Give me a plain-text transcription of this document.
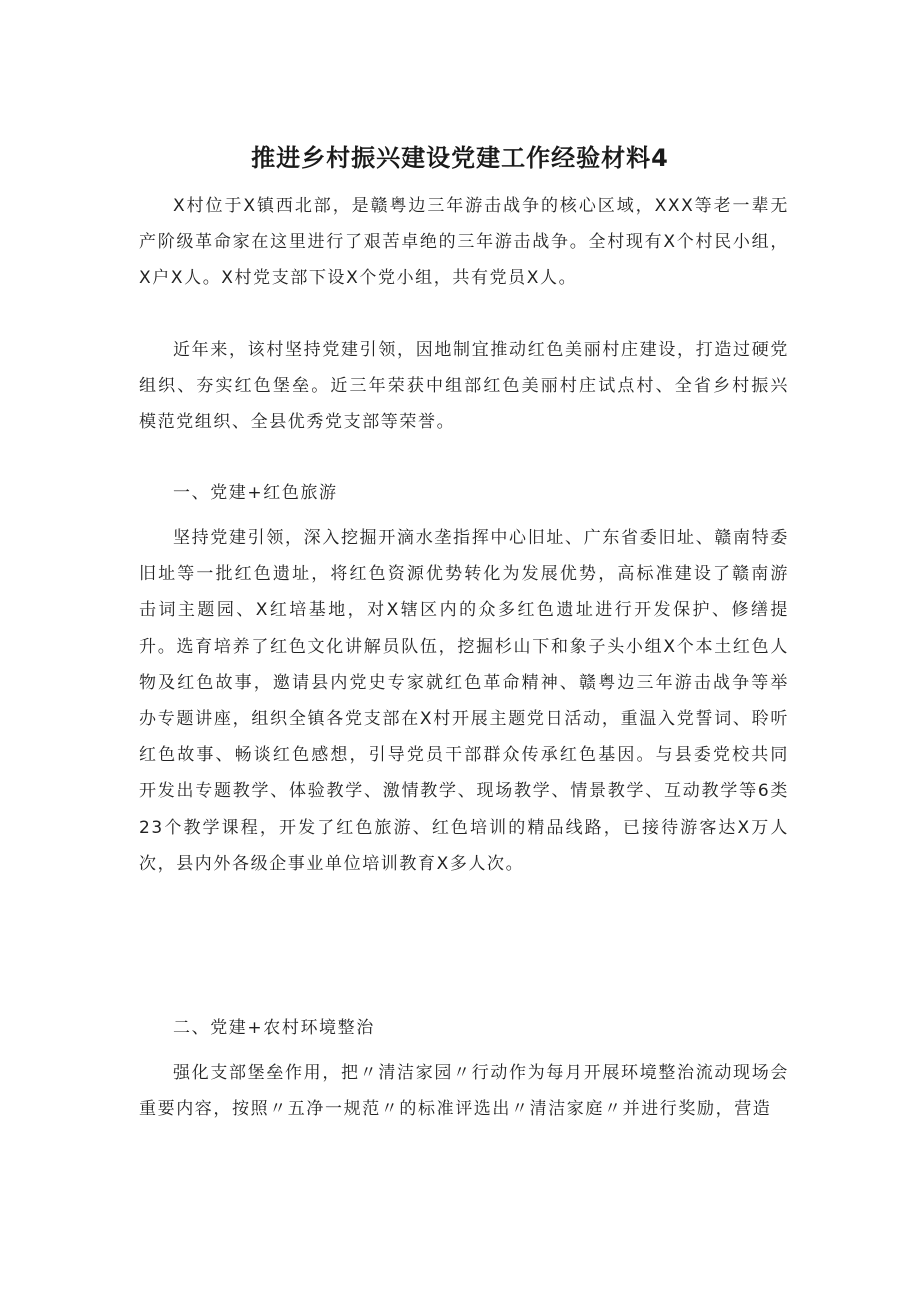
推进乡村振兴建设党建工作经验材料4

X村位于X镇西北部，是赣粤边三年游击战争的核心区域，XXX等老一辈无产阶级革命家在这里进行了艰苦卓绝的三年游击战争。全村现有X个村民小组，X户X人。X村党支部下设X个党小组，共有党员X人。

近年来，该村坚持党建引领，因地制宜推动红色美丽村庄建设，打造过硬党组织、夯实红色堡垒。近三年荣获中组部红色美丽村庄试点村、全省乡村振兴模范党组织、全县优秀党支部等荣誉。

一、党建+红色旅游

坚持党建引领，深入挖掘开滴水垄指挥中心旧址、广东省委旧址、赣南特委旧址等一批红色遗址，将红色资源优势转化为发展优势，高标准建设了赣南游击词主题园、X红培基地，对X辖区内的众多红色遗址进行开发保护、修缮提升。选育培养了红色文化讲解员队伍，挖掘杉山下和象子头小组X个本土红色人物及红色故事，邀请县内党史专家就红色革命精神、赣粤边三年游击战争等举办专题讲座，组织全镇各党支部在X村开展主题党日活动，重温入党誓词、聆听红色故事、畅谈红色感想，引导党员干部群众传承红色基因。与县委党校共同开发出专题教学、体验教学、激情教学、现场教学、情景教学、互动教学等6类23个教学课程，开发了红色旅游、红色培训的精品线路，已接待游客达X万人次，县内外各级企事业单位培训教育X多人次。

二、党建+农村环境整治

强化支部堡垒作用，把〃清洁家园〃行动作为每月开展环境整治流动现场会重要内容，按照〃五净一规范〃的标准评选出〃清洁家庭〃并进行奖励，营造
